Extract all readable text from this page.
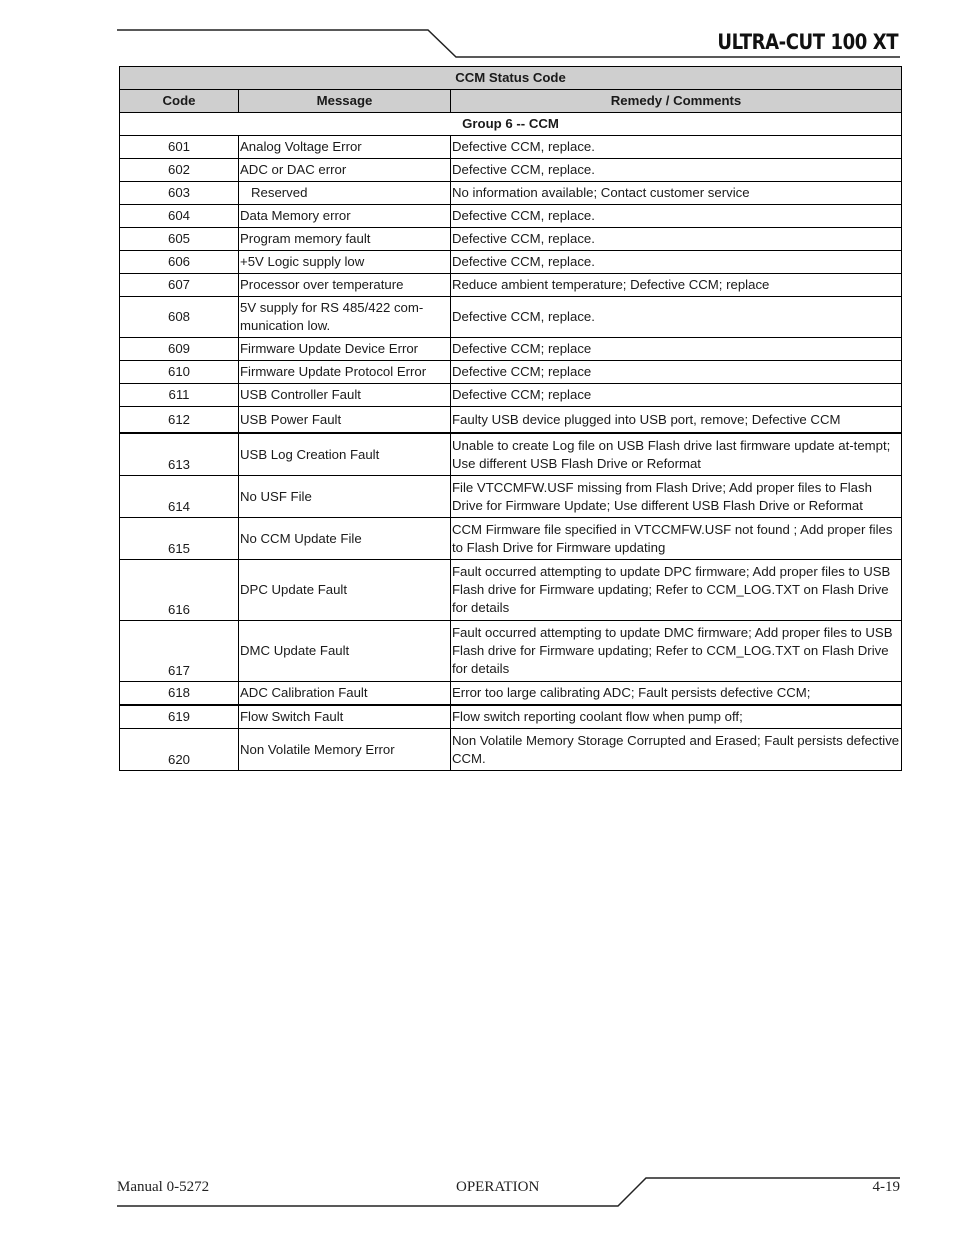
ULTRA-CUT 100 XT
CCM Status Code		
Code	Message	Remedy / Comments
Group 6 -- CCM		
601	Analog Voltage Error	Defective CCM, replace.
602	ADC or DAC error	Defective CCM, replace.
603	Reserved	No information available; Contact customer service
604	Data Memory error	Defective CCM, replace.
605	Program memory fault	Defective CCM, replace.
606	+5V Logic supply low	Defective CCM, replace.
607	Processor over temperature	Reduce ambient temperature; Defective CCM; replace
608	5V supply for RS 485/422 com-munication low.	Defective CCM, replace.
609	Firmware Update Device Error	Defective CCM; replace
610	Firmware Update Protocol Error	Defective CCM; replace
611	USB Controller Fault	Defective CCM; replace
612	USB Power Fault	Faulty USB device plugged into USB port, remove; Defective CCM
613	USB Log Creation Fault	Unable to create Log file on USB Flash drive last firmware update at-tempt; Use different USB Flash Drive or Reformat
614	No USF File	File VTCCMFW.USF missing from Flash Drive; Add proper files to Flash Drive for Firmware Update; Use different USB Flash Drive or Reformat
615	No CCM Update File	CCM Firmware file specified in VTCCMFW.USF not found ; Add proper files to Flash Drive for Firmware updating
616	DPC Update Fault	Fault occurred attempting to update DPC firmware; Add proper files to USB Flash drive for Firmware updating; Refer to CCM_LOG.TXT on Flash Drive for details
617	DMC Update Fault	Fault occurred attempting to update DMC firmware; Add proper files to USB Flash drive for Firmware updating; Refer to CCM_LOG.TXT on Flash Drive for details
618	ADC Calibration Fault	Error too large calibrating ADC; Fault persists defective CCM;
619	Flow Switch Fault	Flow switch reporting coolant flow when pump off;
620	Non Volatile Memory Error	Non Volatile Memory Storage Corrupted and Erased; Fault persists defective CCM.
Manual 0-5272	OPERATION	4-19
